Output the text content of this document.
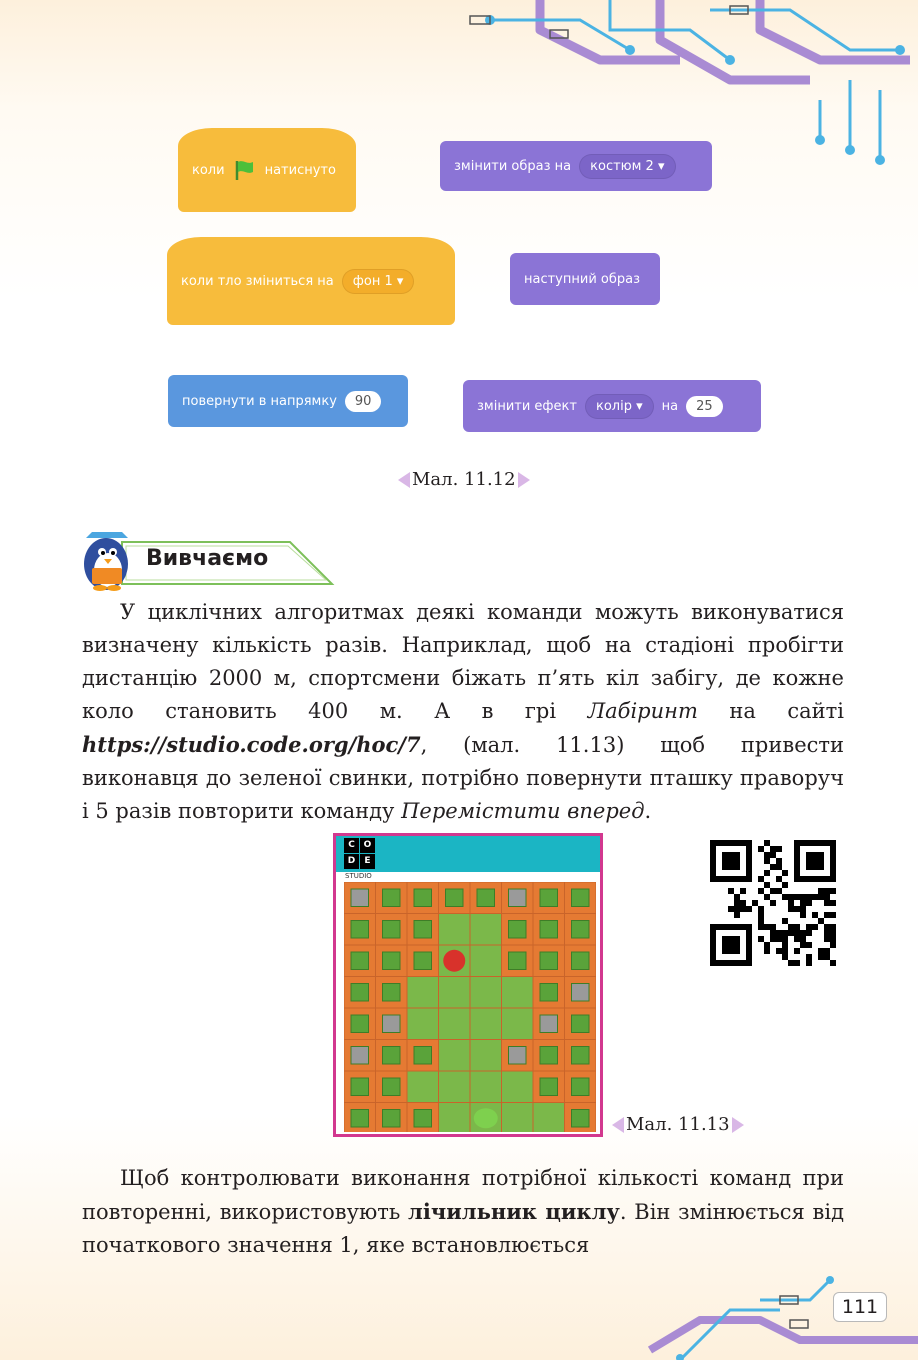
коли	натиснуто	змінити образ на	костюм 2 ▾
коли тло зміниться на	фон 1 ▾	наступний образ
повернути в напрямку	90	змінити ефект	колір ▾	на	25
Мал. 11.12
Вивчаємо

У циклічних алгоритмах деякі команди можуть виконуватися визначену кількість разів. Наприклад, щоб на стадіоні пробігти дистанцію 2000 м, спортсмени біжать п’ять кіл забігу, де кожне коло становить 400 м. А в грі Лабіринт на сайті https://studio.code.org/hoc/7, (мал. 11.13) щоб привести виконавця до зеленої свинки, потрібно повернути пташку праворуч і 5 разів повторити команду Перемістити вперед.

C O
D	E
STUDIO
Мал. 11.13

Щоб контролювати виконання потрібної кількості команд при повторенні, використовують лічильник циклу. Він змінюється від початкового значення 1, яке встановлюється

111
